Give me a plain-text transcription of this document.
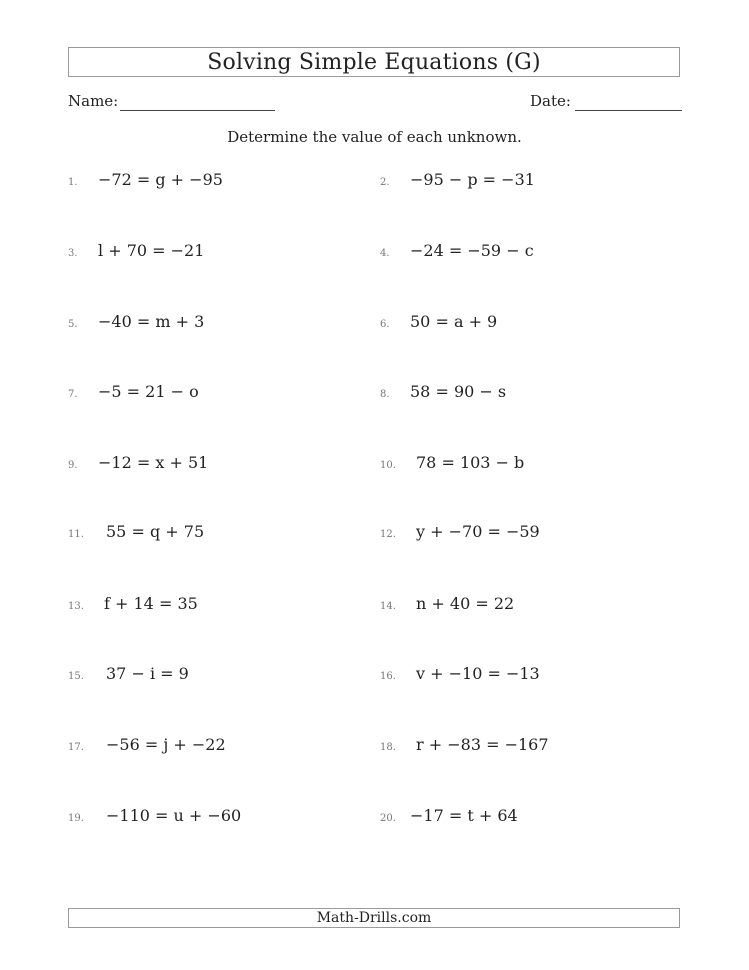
Solving Simple Equations (G)
Name:	Date:
Determine the value of each unknown.
1.	−72 = g + −95	2.	−95 − p = −31
3.	l + 70 = −21	4.	−24 = −59 − c
5.	−40 = m + 3	6.	50 = a + 9
7.	−5 = 21 − o	8.	58 = 90 − s
9.	−12 = x + 51	10.	78 = 103 − b
11.	55 = q + 75	12.	y + −70 = −59
13.	f + 14 = 35	14.	n + 40 = 22
15.	37 − i = 9	16.	v + −10 = −13
17.	−56 = j + −22	18.	r + −83 = −167
19.	−110 = u + −60	20. −17 = t + 64
Math-Drills.com
